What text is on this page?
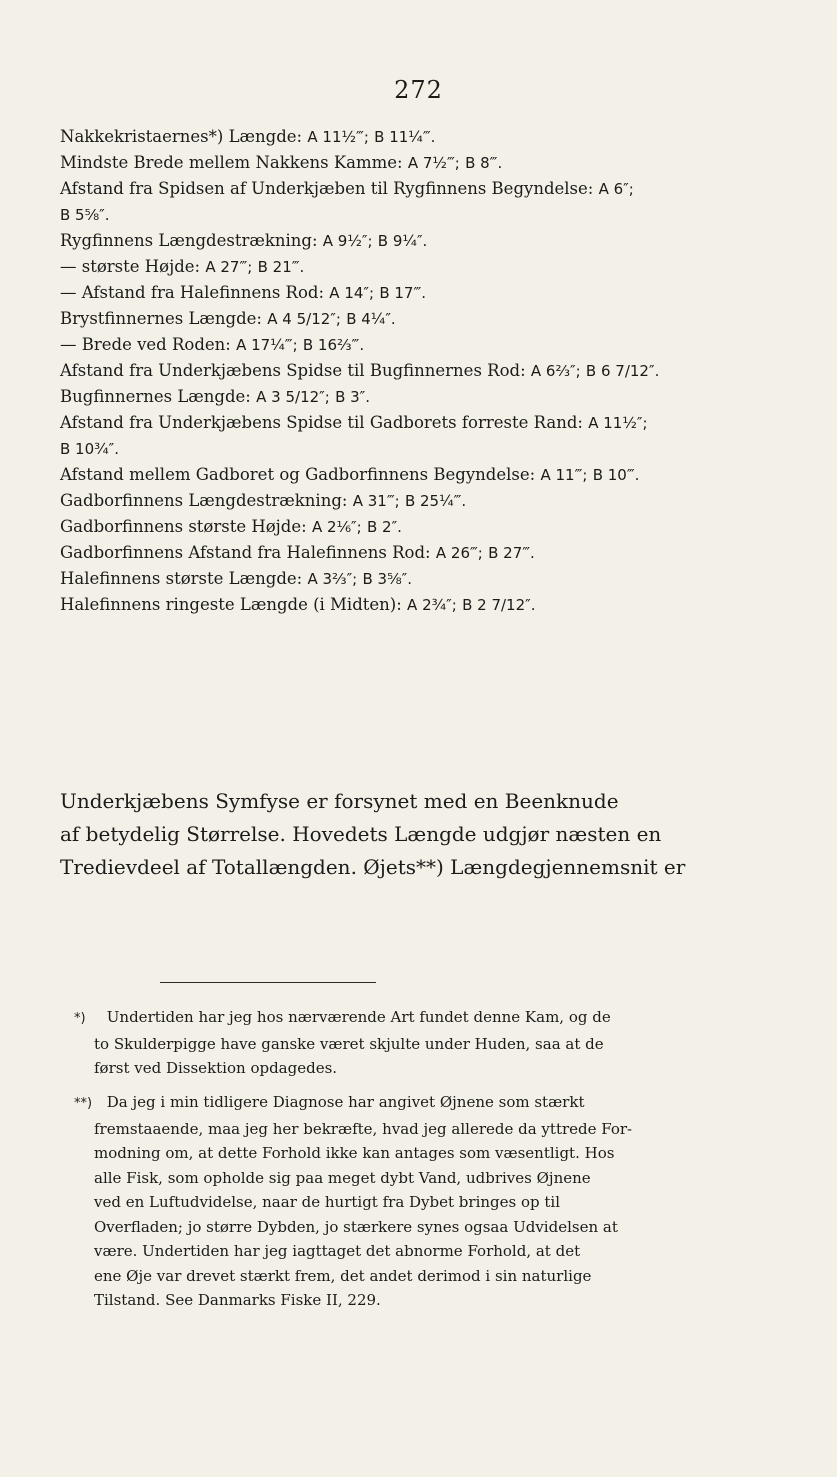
272
Nakkekristaernes*) Længde: A 11½‴; B 11¼‴.
Mindste Brede mellem Nakkens Kamme: A 7½‴; B 8‴.
Afstand fra Spidsen af Underkjæben til Rygfinnens Begyndelse: A 6″;
B 5⅝″.
Rygfinnens Længdestrækning: A 9½″; B 9¼″.
— største Højde: A 27‴; B 21‴.
— Afstand fra Halefinnens Rod: A 14″; B 17‴.
Brystfinnernes Længde: A 4 5/12″; B 4¼″.
— Brede ved Roden: A 17¼‴; B 16⅔‴.
Afstand fra Underkjæbens Spidse til Bugfinnernes Rod: A 6⅔″; B 6 7/12″.
Bugfinnernes Længde: A 3 5/12″; B 3″.
Afstand fra Underkjæbens Spidse til Gadborets forreste Rand: A 11½″;
B 10¾″.
Afstand mellem Gadboret og Gadborfinnens Begyndelse: A 11‴; B 10‴.
Gadborfinnens Længdestrækning: A 31‴; B 25¼‴.
Gadborfinnens største Højde: A 2⅙″; B 2″.
Gadborfinnens Afstand fra Halefinnens Rod: A 26‴; B 27‴.
Halefinnens største Længde: A 3⅔″; B 3⅝″.
Halefinnens ringeste Længde (i Midten): A 2¾″; B 2 7/12″.
Underkjæbens Symfyse er forsynet med en Beenknude
af betydelig Størrelse. Hovedets Længde udgjør næsten en
Tredievdeel af Totallængden. Øjets**) Længdegjennemsnit er
*) Undertiden har jeg hos nærværende Art fundet denne Kam, og de
to Skulderpigge have ganske været skjulte under Huden, saa at de
først ved Dissektion opdagedes.
**) Da jeg i min tidligere Diagnose har angivet Øjnene som stærkt
fremstaaende, maa jeg her bekræfte, hvad jeg allerede da yttrede For-
modning om, at dette Forhold ikke kan antages som væsentligt. Hos
alle Fisk, som opholde sig paa meget dybt Vand, udbrives Øjnene
ved en Luftudvidelse, naar de hurtigt fra Dybet bringes op til
Overfladen; jo større Dybden, jo stærkere synes ogsaa Udvidelsen at
være. Undertiden har jeg iagttaget det abnorme Forhold, at det
ene Øje var drevet stærkt frem, det andet derimod i sin naturlige
Tilstand. See Danmarks Fiske II, 229.
